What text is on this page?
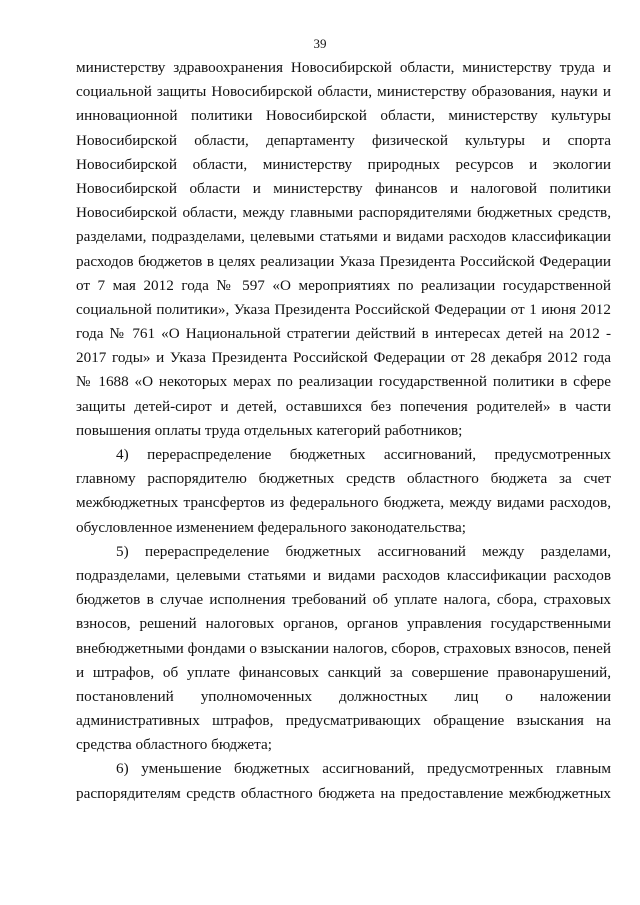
39
министерству здравоохранения Новосибирской области, министерству труда и
социальной защиты Новосибирской области, министерству образования, науки и
инновационной политики Новосибирской области, министерству культуры
Новосибирской области, департаменту физической культуры и спорта
Новосибирской области, министерству природных ресурсов и экологии
Новосибирской области и министерству финансов и налоговой политики
Новосибирской области, между главными распорядителями бюджетных средств,
разделами, подразделами, целевыми статьями и видами расходов классификации
расходов бюджетов в целях реализации Указа Президента Российской Федерации
от 7 мая 2012 года № 597 «О мероприятиях по реализации государственной
социальной политики», Указа Президента Российской Федерации от 1 июня 2012
года № 761 «О Национальной стратегии действий в интересах детей на 2012 -
2017 годы» и Указа Президента Российской Федерации от 28 декабря 2012 года
№ 1688 «О некоторых мерах по реализации государственной политики в сфере
защиты детей-сирот и детей, оставшихся без попечения родителей» в части
повышения оплаты труда отдельных категорий работников;
4) перераспределение бюджетных ассигнований, предусмотренных
главному распорядителю бюджетных средств областного бюджета за счет
межбюджетных трансфертов из федерального бюджета, между видами расходов,
обусловленное изменением федерального законодательства;
5) перераспределение бюджетных ассигнований между разделами,
подразделами, целевыми статьями и видами расходов классификации расходов
бюджетов в случае исполнения требований об уплате налога, сбора, страховых
взносов, решений налоговых органов, органов управления государственными
внебюджетными фондами о взыскании налогов, сборов, страховых взносов, пеней
и штрафов, об уплате финансовых санкций за совершение правонарушений,
постановлений уполномоченных должностных лиц о наложении
административных штрафов, предусматривающих обращение взыскания на
средства областного бюджета;
6) уменьшение бюджетных ассигнований, предусмотренных главным
распорядителям средств областного бюджета на предоставление межбюджетных
